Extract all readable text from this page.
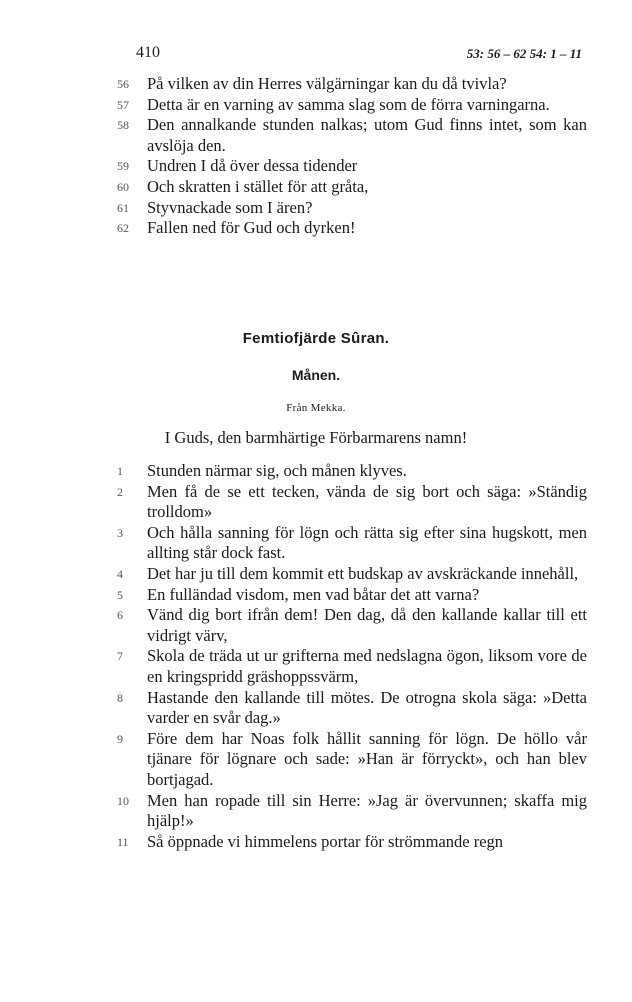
410	53: 56 – 62 54: 1 – 11
56	På vilken av din Herres välgärningar kan du då tvivla?
57	Detta är en varning av samma slag som de förra varningarna.
58	Den annalkande stunden nalkas; utom Gud finns intet, som kan avslöja den.
59	Undren I då över dessa tidender
60	Och skratten i stället för att gråta,
61	Styvnackade som I ären?
62	Fallen ned för Gud och dyrken!
Femtiofjärde Sûran.
Månen.
Från Mekka.
I Guds, den barmhärtige Förbarmarens namn!
1	Stunden närmar sig, och månen klyves.
2	Men få de se ett tecken, vända de sig bort och säga: »Ständig trolldom»
3	Och hålla sanning för lögn och rätta sig efter sina hugskott, men allting står dock fast.
4	Det har ju till dem kommit ett budskap av avskräckande innehåll,
5	En fulländad visdom, men vad båtar det att varna?
6	Vänd dig bort ifrån dem! Den dag, då den kallande kallar till ett vidrigt värv,
7	Skola de träda ut ur grifterna med nedslagna ögon, liksom vore de en kringspridd gräshoppssvärm,
8	Hastande den kallande till mötes. De otrogna skola säga: »Detta varder en svår dag.»
9	Före dem har Noas folk hållit sanning för lögn. De höllo vår tjänare för lögnare och sade: »Han är förryckt», och han blev bortjagad.
10	Men han ropade till sin Herre: »Jag är övervunnen; skaffa mig hjälp!»
11	Så öppnade vi himmelens portar för strömmande regn
